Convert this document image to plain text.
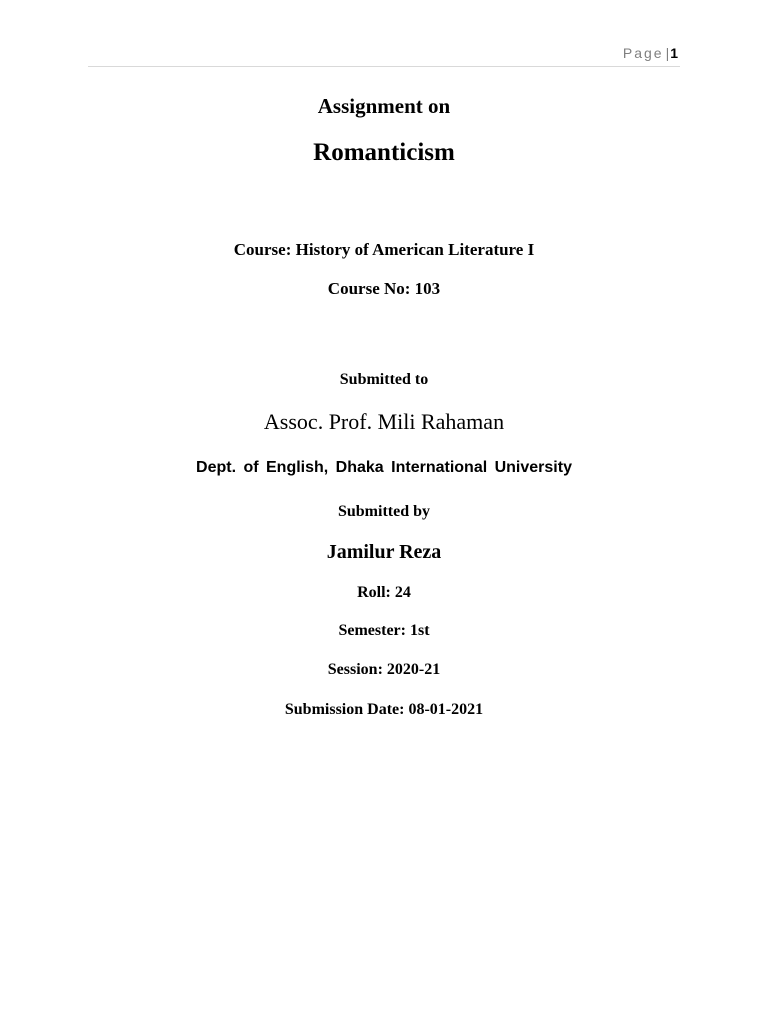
Page |1
Assignment on
Romanticism
Course: History of American Literature I
Course No: 103
Submitted to
Assoc. Prof. Mili Rahaman
Dept. of English, Dhaka International University
Submitted by
Jamilur Reza
Roll: 24
Semester: 1st
Session: 2020-21
Submission Date: 08-01-2021
